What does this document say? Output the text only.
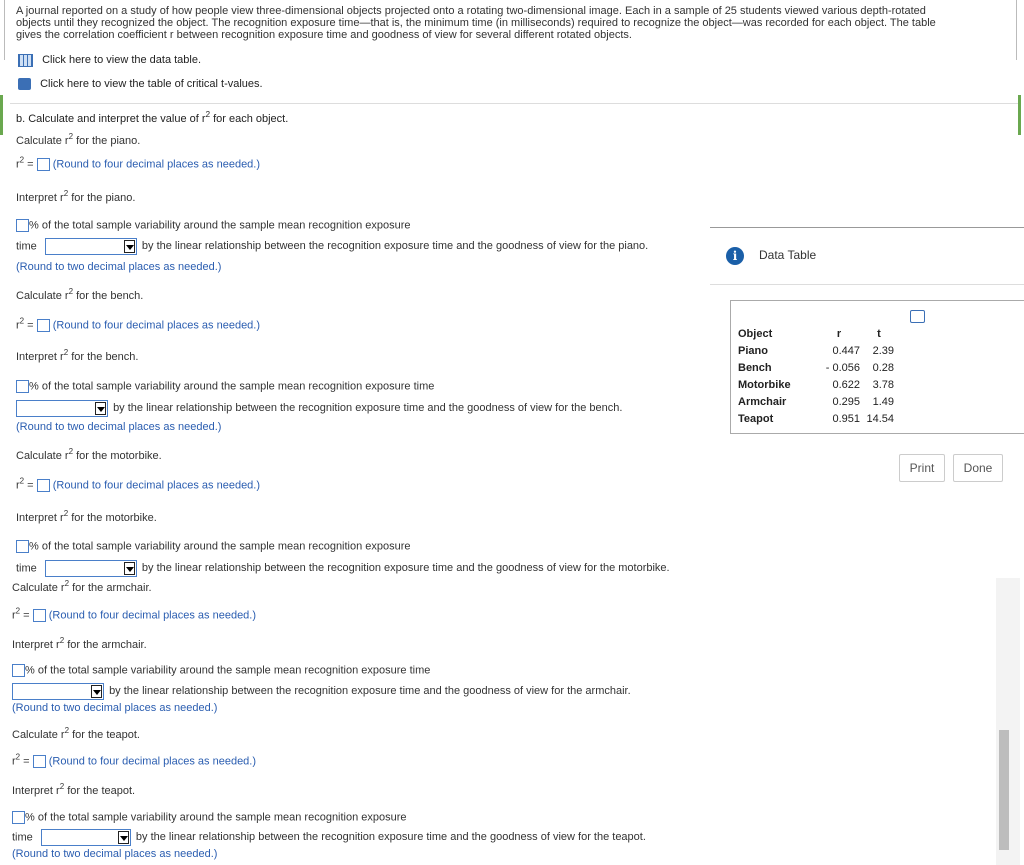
A journal reported on a study of how people view three-dimensional objects projected onto a rotating two-dimensional image. Each in a sample of 25 students viewed various depth-rotated
objects until they recognized the object. The recognition exposure time—that is, the minimum time (in milliseconds) required to recognize the object—was recorded for each object. The table
gives the correlation coefficient r between recognition exposure time and goodness of view for several different rotated objects.
Click here to view the data table.
Click here to view the table of critical t-values.
b. Calculate and interpret the value of $r^2$ for each object.
Calculate $r^2$ for the piano.
$r^2$ = (Round to four decimal places as needed.)
Interpret $r^2$ for the piano.
% of the total sample variability around the sample mean recognition exposure
time	by the linear relationship between the recognition exposure time and the goodness of view for the piano.
(Round to two decimal places as needed.)
Calculate $r^2$ for the bench.
$r^2$ = (Round to four decimal places as needed.)
Interpret $r^2$ for the bench.
% of the total sample variability around the sample mean recognition exposure time
by the linear relationship between the recognition exposure time and the goodness of view for the bench.
(Round to two decimal places as needed.)
Calculate $r^2$ for the motorbike.
$r^2$ = (Round to four decimal places as needed.)
Interpret $r^2$ for the motorbike.
% of the total sample variability around the sample mean recognition exposure
time	by the linear relationship between the recognition exposure time and the goodness of view for the motorbike.
Calculate $r^2$ for the armchair.
$r^2$ = (Round to four decimal places as needed.)
Interpret $r^2$ for the armchair.
% of the total sample variability around the sample mean recognition exposure time
by the linear relationship between the recognition exposure time and the goodness of view for the armchair.
(Round to two decimal places as needed.)
Calculate $r^2$ for the teapot.
$r^2$ = (Round to four decimal places as needed.)
Interpret $r^2$ for the teapot.
% of the total sample variability around the sample mean recognition exposure
time	by the linear relationship between the recognition exposure time and the goodness of view for the teapot.
(Round to two decimal places as needed.)
i	Data Table
Object	r	t
Piano	0.447	2.39
Bench	- 0.056	0.28
Motorbike	0.622	3.78
Armchair	0.295	1.49
Teapot	0.951	14.54
Print	Done
